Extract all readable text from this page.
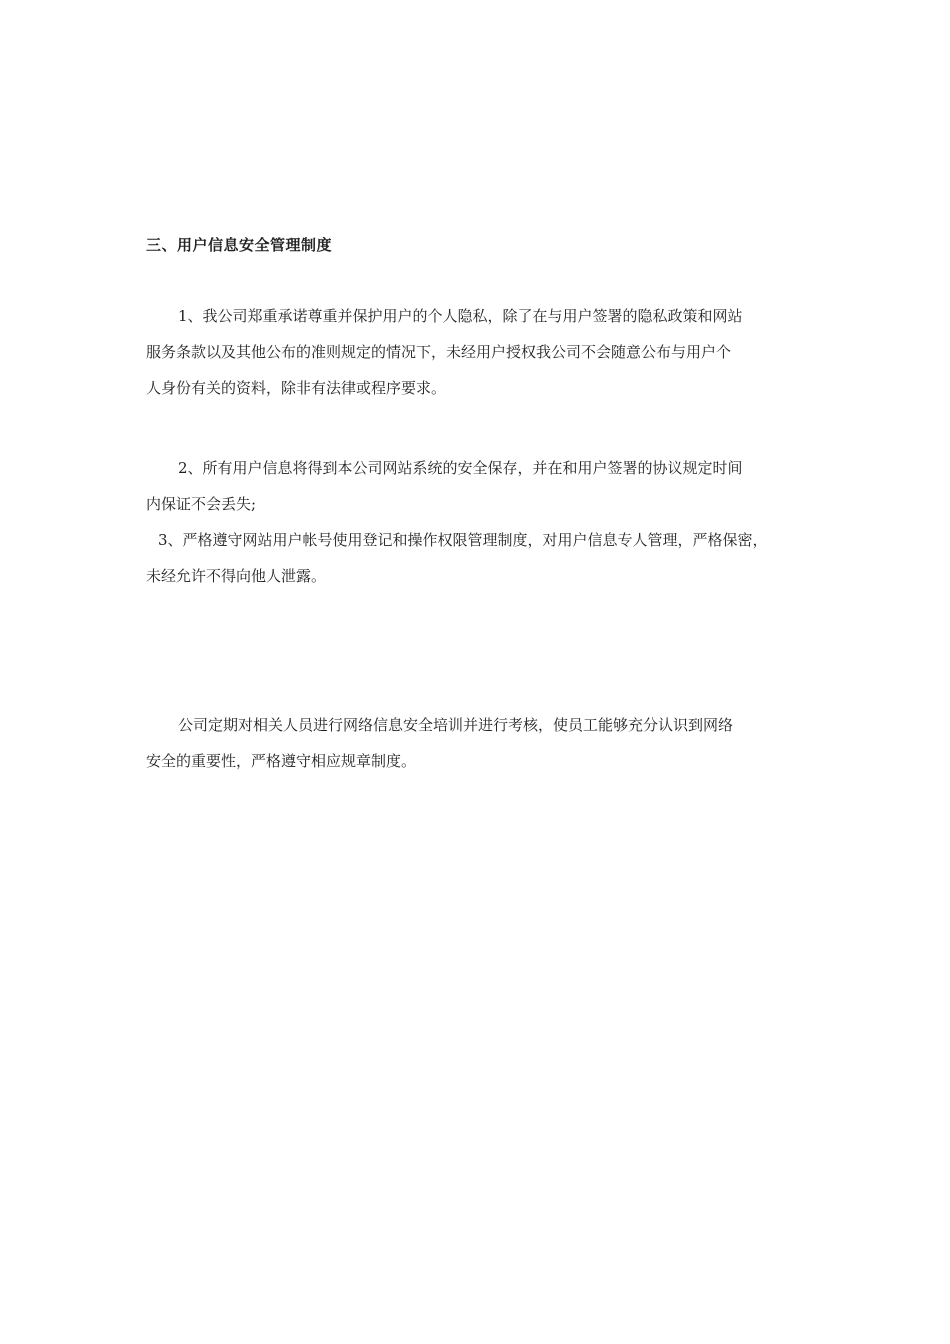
三、用户信息安全管理制度
1、我公司郑重承诺尊重并保护用户的个人隐私，除了在与用户签署的隐私政策和网站
服务条款以及其他公布的准则规定的情况下，未经用户授权我公司不会随意公布与用户个
人身份有关的资料，除非有法律或程序要求。
2、所有用户信息将得到本公司网站系统的安全保存，并在和用户签署的协议规定时间
内保证不会丢失;
3、严格遵守网站用户帐号使用登记和操作权限管理制度，对用户信息专人管理，严格保密，
未经允许不得向他人泄露。
公司定期对相关人员进行网络信息安全培训并进行考核，使员工能够充分认识到网络
安全的重要性，严格遵守相应规章制度。
